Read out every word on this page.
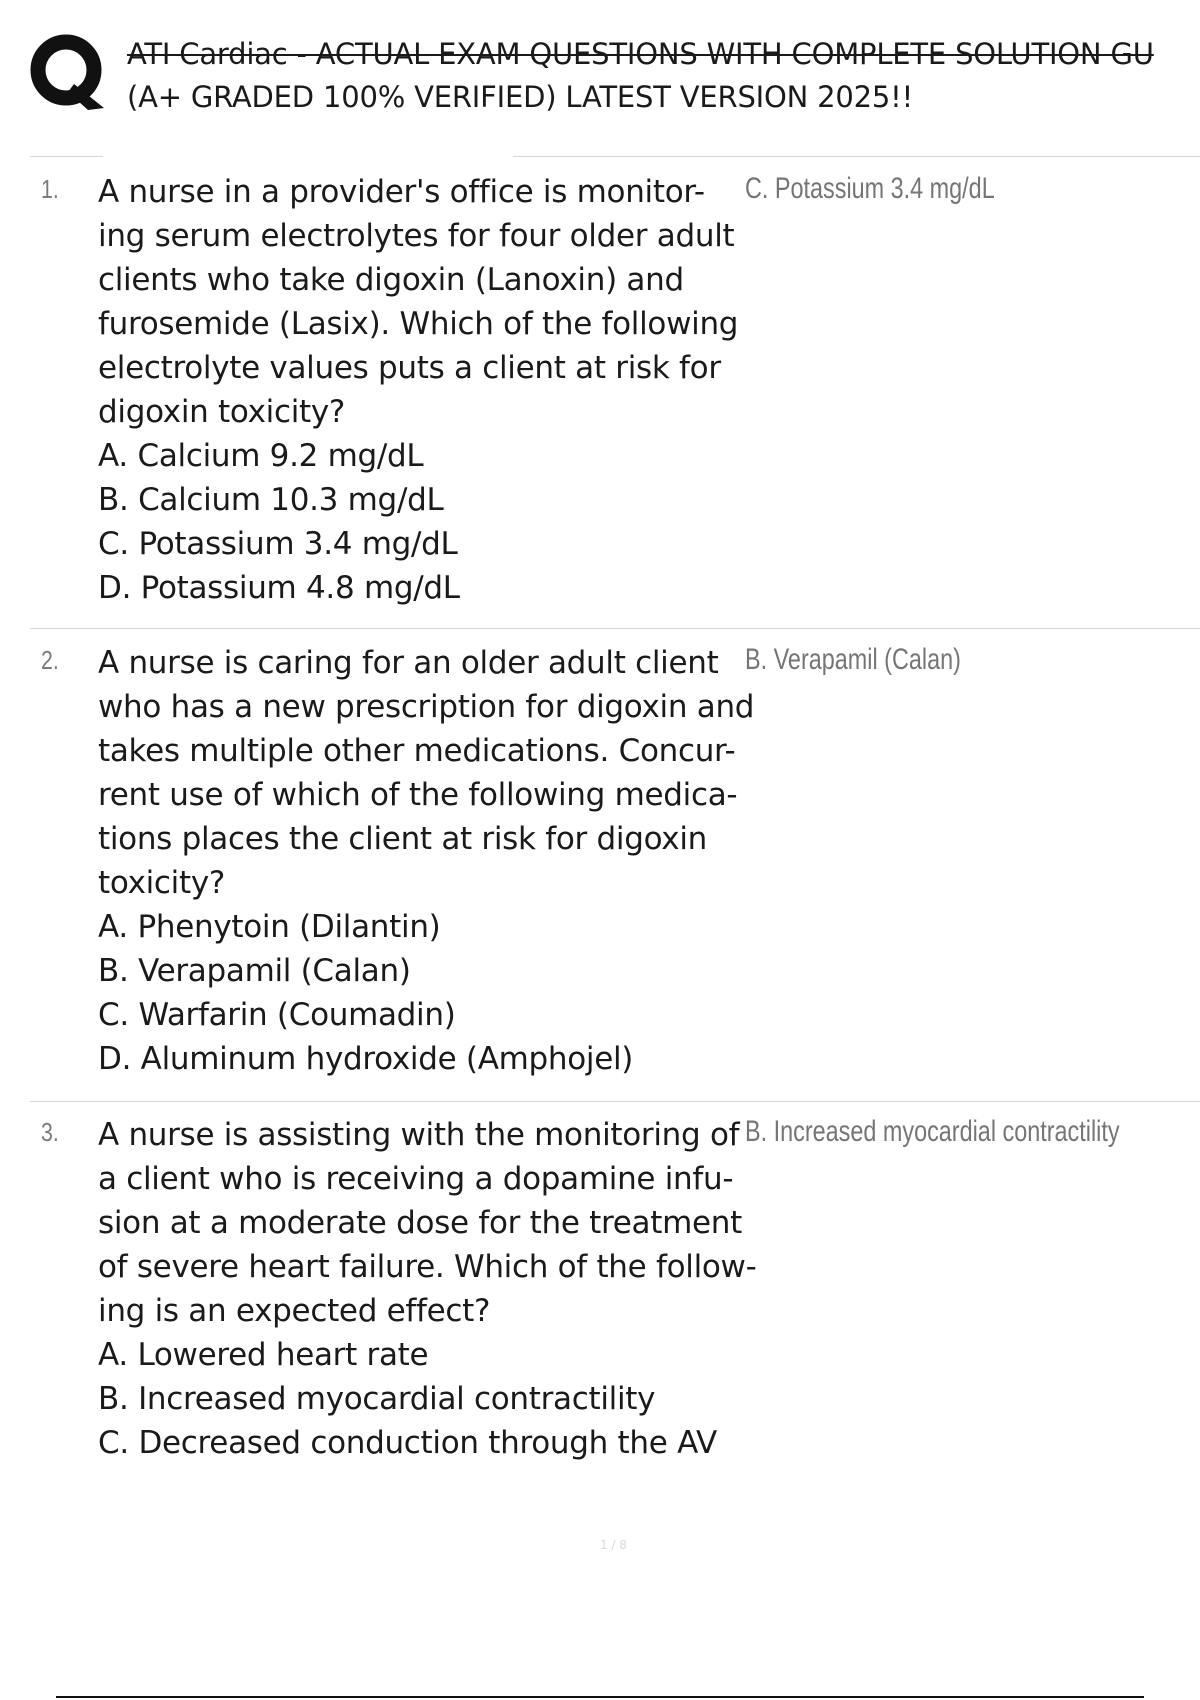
ATI Cardiac - ACTUAL EXAM QUESTIONS WITH COMPLETE SOLUTION GU
(A+ GRADED 100% VERIFIED) LATEST VERSION 2025!!
1. A nurse in a provider's office is monitor-
ing serum electrolytes for four older adult
clients who take digoxin (Lanoxin) and
furosemide (Lasix). Which of the following
electrolyte values puts a client at risk for
digoxin toxicity?
A. Calcium 9.2 mg/dL
B. Calcium 10.3 mg/dL
C. Potassium 3.4 mg/dL
D. Potassium 4.8 mg/dL
C. Potassium 3.4 mg/dL
2. A nurse is caring for an older adult client
who has a new prescription for digoxin and
takes multiple other medications. Concur-
rent use of which of the following medica-
tions places the client at risk for digoxin
toxicity?
A. Phenytoin (Dilantin)
B. Verapamil (Calan)
C. Warfarin (Coumadin)
D. Aluminum hydroxide (Amphojel)
B. Verapamil (Calan)
3. A nurse is assisting with the monitoring of
a client who is receiving a dopamine infu-
sion at a moderate dose for the treatment
of severe heart failure. Which of the follow-
ing is an expected effect?
A. Lowered heart rate
B. Increased myocardial contractility
C. Decreased conduction through the AV
B. Increased myocardial contractility
1 / 8
